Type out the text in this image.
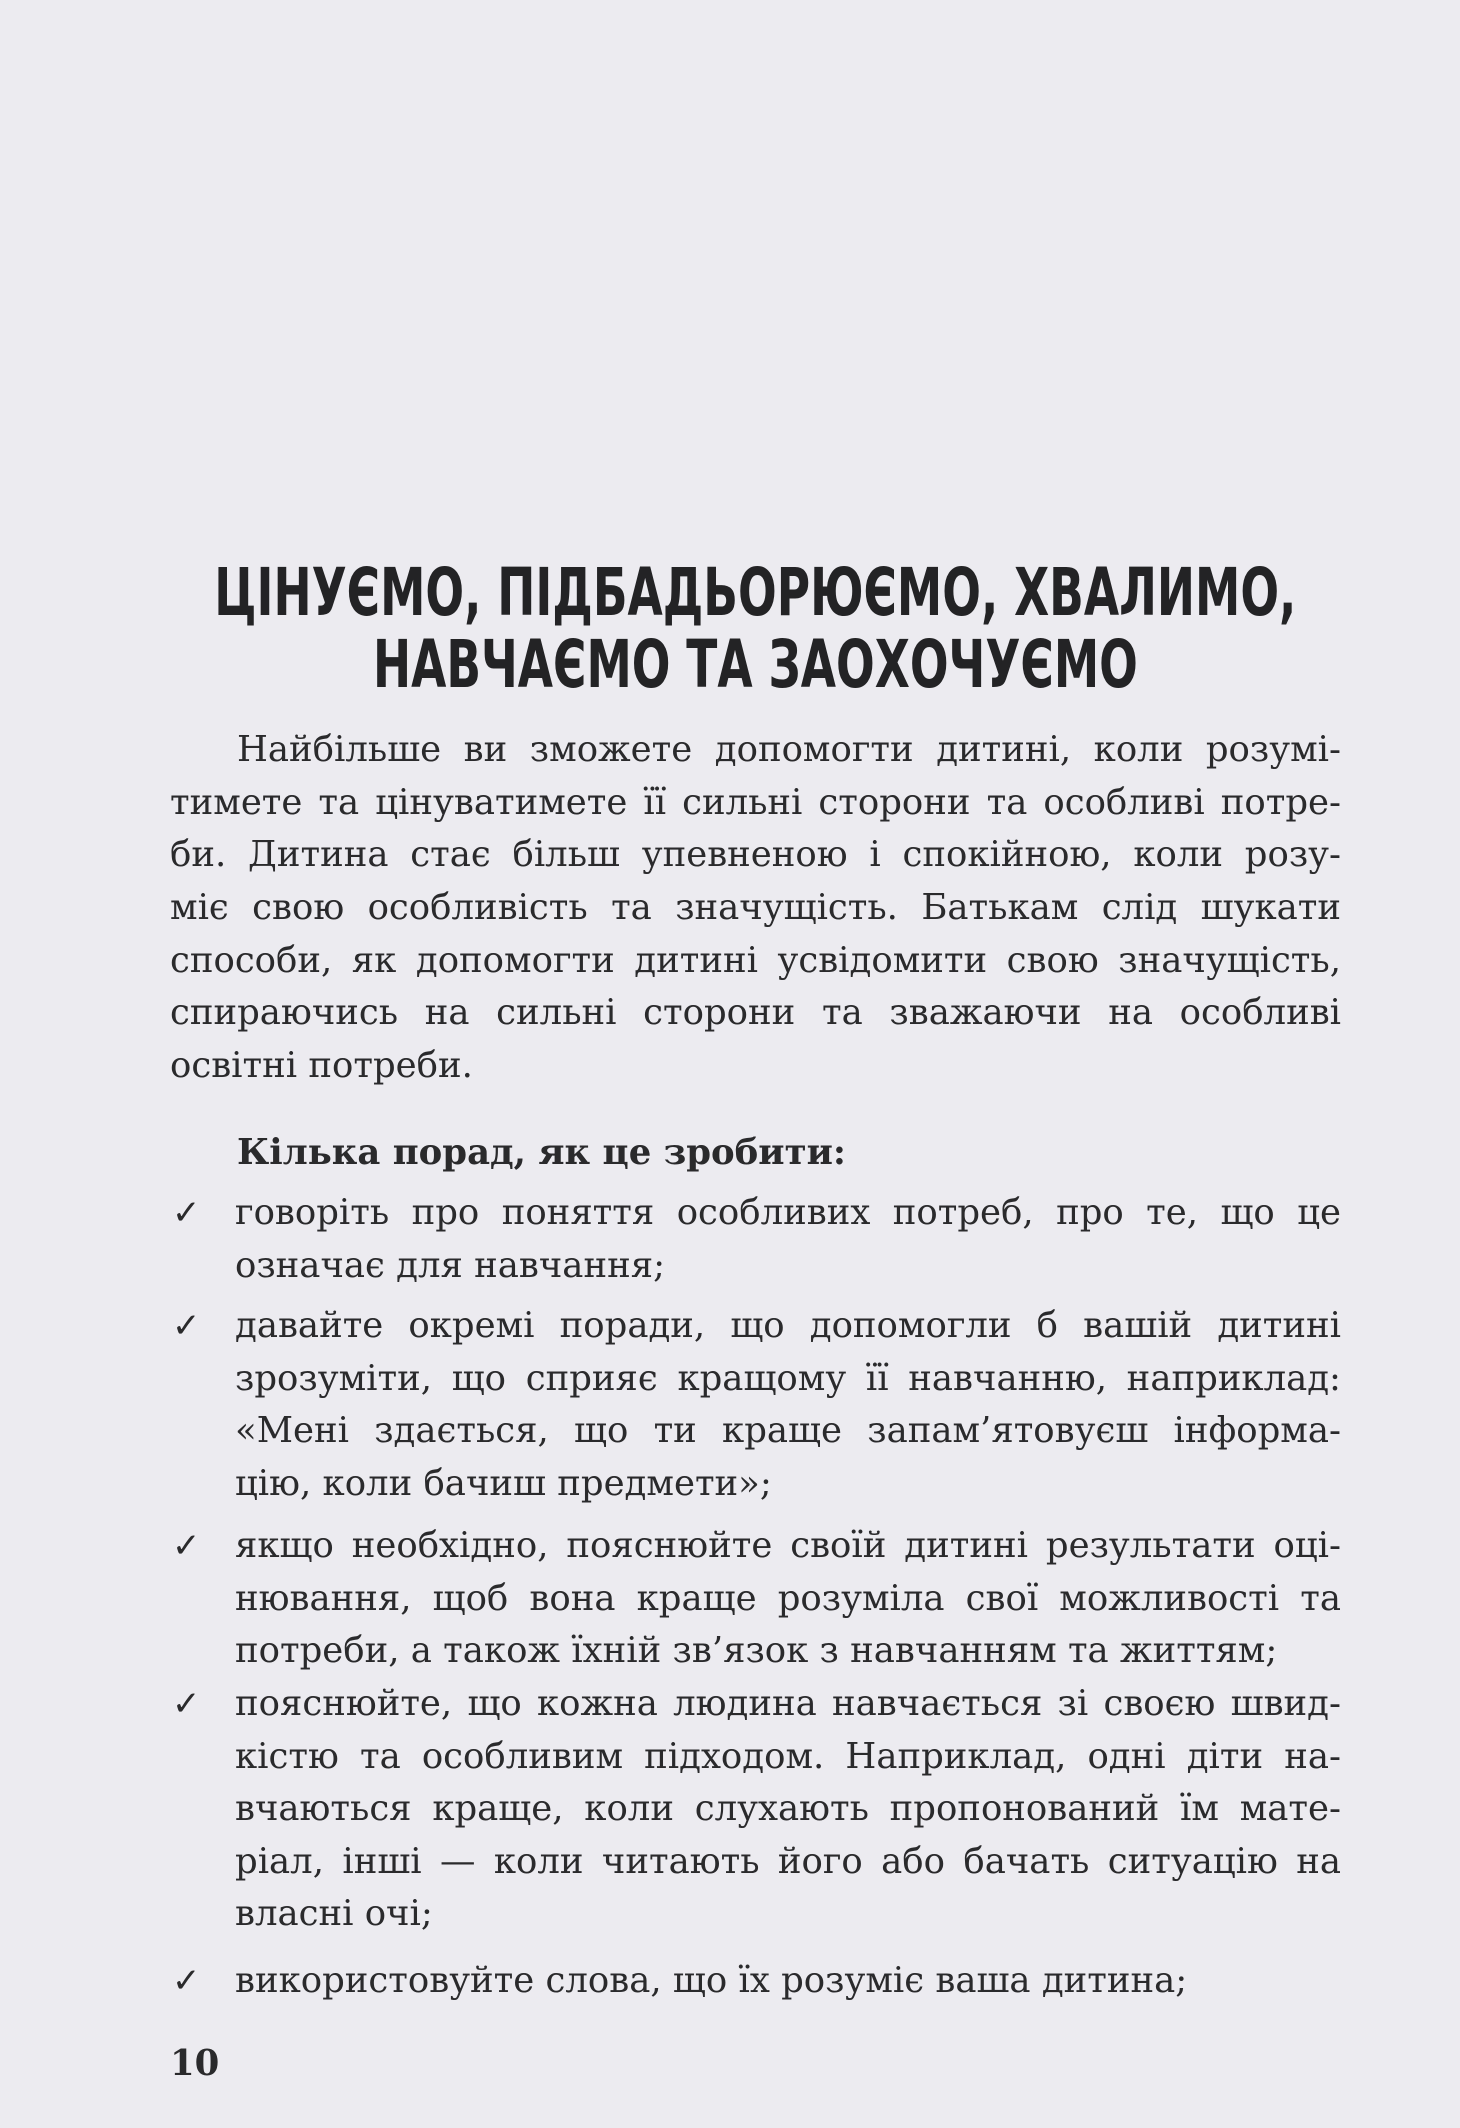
ЦІНУЄМО, ПІДБАДЬОРЮЄМО, ХВАЛИМО,
НАВЧАЄМО ТА ЗАОХОЧУЄМО
Найбільше ви зможете допомогти дитині, коли розумі-
тимете та цінуватимете її сильні сторони та особливі потре-
би. Дитина стає більш упевненою і спокійною, коли розу-
міє свою особливість та значущість. Батькам слід шукати
способи, як допомогти дитині усвідомити свою значущість,
спираючись на сильні сторони та зважаючи на особливі
освітні потреби.
Кілька порад, як це зробити:
✓ говоріть про поняття особливих потреб, про те, що це
означає для навчання;
✓ давайте окремі поради, що допомогли б вашій дитині
зрозуміти, що сприяє кращому її навчанню, наприклад:
«Мені здається, що ти краще запам’ятовуєш інформа-
цію, коли бачиш предмети»;
✓ якщо необхідно, пояснюйте своїй дитині результати оці-
нювання, щоб вона краще розуміла свої можливості та
потреби, а також їхній зв’язок з навчанням та життям;
✓ пояснюйте, що кожна людина навчається зі своєю швид-
кістю та особливим підходом. Наприклад, одні діти на-
вчаються краще, коли слухають пропонований їм мате-
ріал, інші — коли читають його або бачать ситуацію на
власні очі;
✓ використовуйте слова, що їх розуміє ваша дитина;
10
